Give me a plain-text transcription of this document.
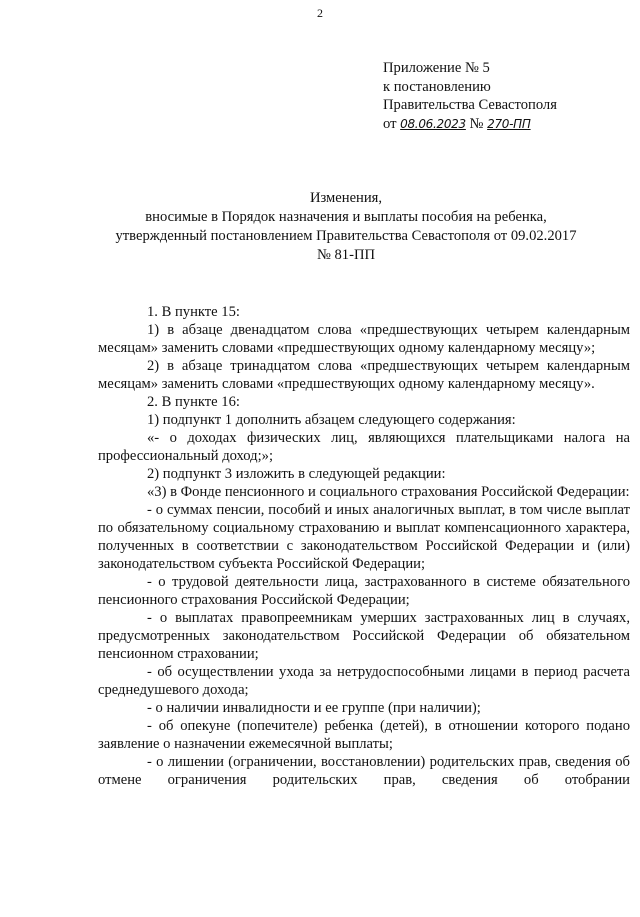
2
Приложение № 5
к постановлению
Правительства Севастополя
от 08.06.2023 № 270-ПП
Изменения,
вносимые в Порядок назначения и выплаты пособия на ребенка,
утвержденный постановлением Правительства Севастополя от 09.02.2017
№ 81-ПП

1. В пункте 15:

1) в абзаце двенадцатом слова «предшествующих четырем календарным месяцам» заменить словами «предшествующих одному календарному месяцу»;

2) в абзаце тринадцатом слова «предшествующих четырем календарным месяцам» заменить словами «предшествующих одному календарному месяцу».

2. В пункте 16:

1) подпункт 1 дополнить абзацем следующего содержания:

«- о доходах физических лиц, являющихся плательщиками налога на профессиональный доход;»;

2) подпункт 3 изложить в следующей редакции:

«3) в Фонде пенсионного и социального страхования Российской Федерации:

- о суммах пенсии, пособий и иных аналогичных выплат, в том числе выплат по обязательному социальному страхованию и выплат компенсационного характера, полученных в соответствии с законодательством Российской Федерации и (или) законодательством субъекта Российской Федерации;

- о трудовой деятельности лица, застрахованного в системе обязательного пенсионного страхования Российской Федерации;

- о выплатах правопреемникам умерших застрахованных лиц в случаях, предусмотренных законодательством Российской Федерации об обязательном пенсионном страховании;

- об осуществлении ухода за нетрудоспособными лицами в период расчета среднедушевого дохода;

- о наличии инвалидности и ее группе (при наличии);

- об опекуне (попечителе) ребенка (детей), в отношении которого подано заявление о назначении ежемесячной выплаты;

- о лишении (ограничении, восстановлении) родительских прав, сведения об отмене ограничения родительских прав, сведения об отобрании
